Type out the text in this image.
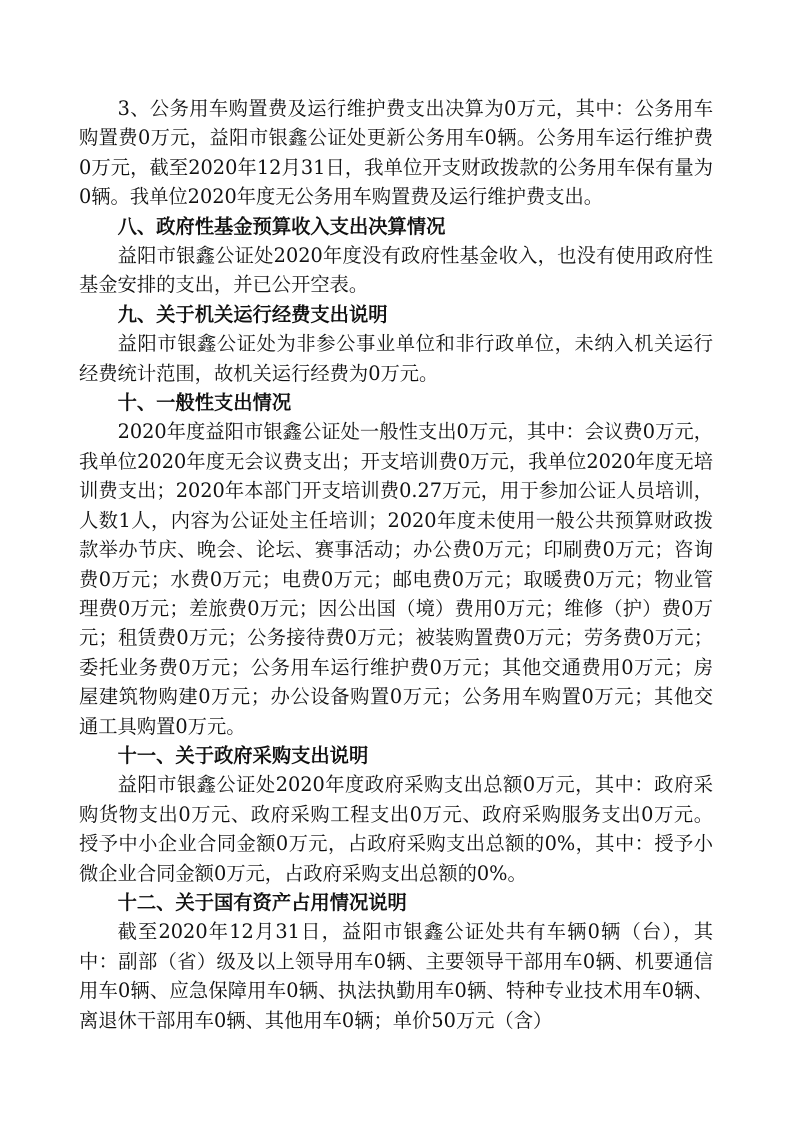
3、公务用车购置费及运行维护费支出决算为0万元，其中：公务用车购置费0万元，益阳市银鑫公证处更新公务用车0辆。公务用车运行维护费0万元，截至2020年12月31日，我单位开支财政拨款的公务用车保有量为0辆。我单位2020年度无公务用车购置费及运行维护费支出。

八、政府性基金预算收入支出决算情况

益阳市银鑫公证处2020年度没有政府性基金收入，也没有使用政府性基金安排的支出，并已公开空表。

九、关于机关运行经费支出说明

益阳市银鑫公证处为非参公事业单位和非行政单位，未纳入机关运行经费统计范围，故机关运行经费为0万元。

十、一般性支出情况

2020年度益阳市银鑫公证处一般性支出0万元，其中：会议费0万元，我单位2020年度无会议费支出；开支培训费0万元，我单位2020年度无培训费支出；2020年本部门开支培训费0.27万元，用于参加公证人员培训，人数1人，内容为公证处主任培训；2020年度未使用一般公共预算财政拨款举办节庆、晚会、论坛、赛事活动；办公费0万元；印刷费0万元；咨询费0万元；水费0万元；电费0万元；邮电费0万元；取暖费0万元；物业管理费0万元；差旅费0万元；因公出国（境）费用0万元；维修（护）费0万元；租赁费0万元；公务接待费0万元；被装购置费0万元；劳务费0万元；委托业务费0万元；公务用车运行维护费0万元；其他交通费用0万元；房屋建筑物购建0万元；办公设备购置0万元；公务用车购置0万元；其他交通工具购置0万元。

十一、关于政府采购支出说明

益阳市银鑫公证处2020年度政府采购支出总额0万元，其中：政府采购货物支出0万元、政府采购工程支出0万元、政府采购服务支出0万元。授予中小企业合同金额0万元，占政府采购支出总额的0%，其中：授予小微企业合同金额0万元，占政府采购支出总额的0%。

十二、关于国有资产占用情况说明

截至2020年12月31日，益阳市银鑫公证处共有车辆0辆（台），其中：副部（省）级及以上领导用车0辆、主要领导干部用车0辆、机要通信用车0辆、应急保障用车0辆、执法执勤用车0辆、特种专业技术用车0辆、离退休干部用车0辆、其他用车0辆；单价50万元（含）
